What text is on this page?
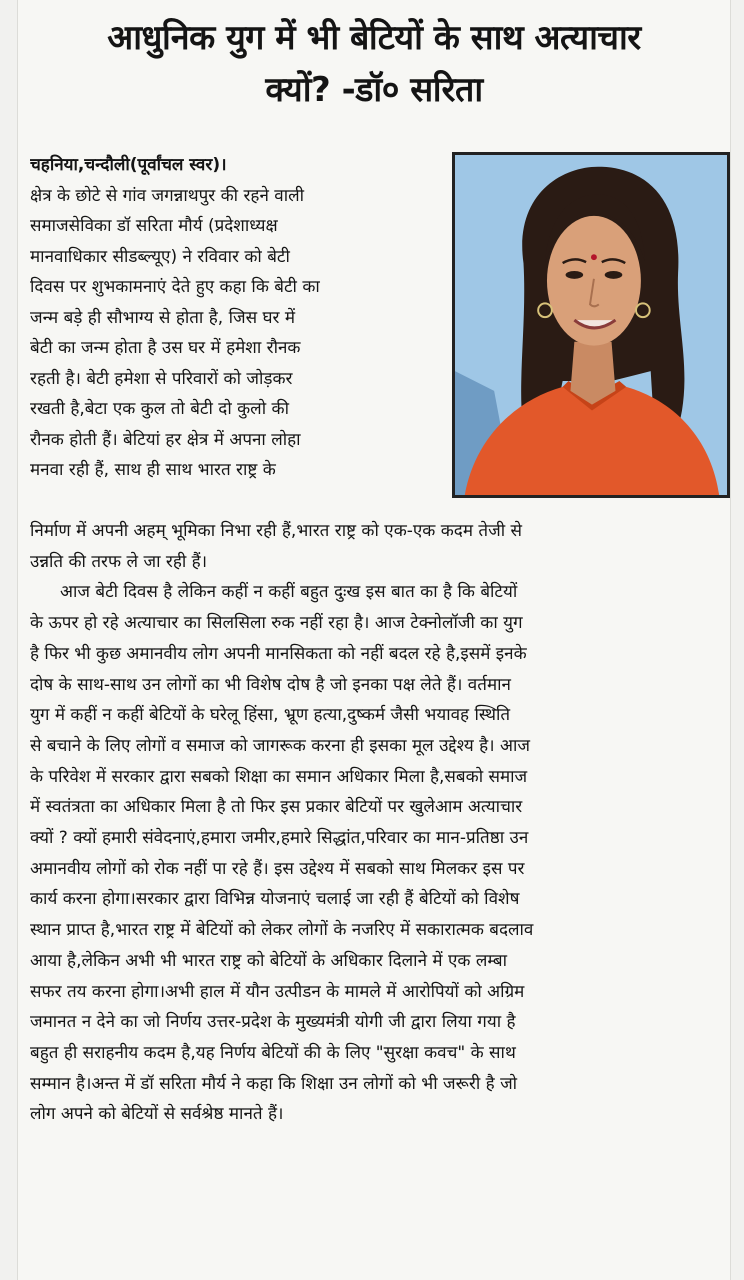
आधुनिक युग में भी बेटियों के साथ अत्याचार
क्यों? -डॉ० सरिता
चहनिया,चन्दौली(पूर्वांचल स्वर)।
क्षेत्र के छोटे से गांव जगन्नाथपुर की रहने वाली
समाजसेविका डॉ सरिता मौर्य (प्रदेशाध्यक्ष
मानवाधिकार सीडब्ल्यूए) ने रविवार को बेटी
दिवस पर शुभकामनाएं देते हुए कहा कि बेटी का
जन्म बड़े ही सौभाग्य से होता है, जिस घर में
बेटी का जन्म होता है उस घर में हमेशा रौनक
रहती है। बेटी हमेशा से परिवारों को जोड़कर
रखती है,बेटा एक कुल तो बेटी दो कुलो की
रौनक होती हैं। बेटियां हर क्षेत्र में अपना लोहा
मनवा रही हैं, साथ ही साथ भारत राष्ट्र के
निर्माण में अपनी अहम् भूमिका निभा रही हैं,भारत राष्ट्र को एक-एक कदम तेजी से
उन्नति की तरफ ले जा रही हैं।
आज बेटी दिवस है लेकिन कहीं न कहीं बहुत दुःख इस बात का है कि बेटियों
के ऊपर हो रहे अत्याचार का सिलसिला रुक नहीं रहा है। आज टेक्नोलॉजी का युग
है फिर भी कुछ अमानवीय लोग अपनी मानसिकता को नहीं बदल रहे है,इसमें इनके
दोष के साथ-साथ उन लोगों का भी विशेष दोष है जो इनका पक्ष लेते हैं। वर्तमान
युग में कहीं न कहीं बेटियों के घरेलू हिंसा, भ्रूण हत्या,दुष्कर्म जैसी भयावह स्थिति
से बचाने के लिए लोगों व समाज को जागरूक करना ही इसका मूल उद्देश्य है। आज
के परिवेश में सरकार द्वारा सबको शिक्षा का समान अधिकार मिला है,सबको समाज
में स्वतंत्रता का अधिकार मिला है तो फिर इस प्रकार बेटियों पर खुलेआम अत्याचार
क्यों ? क्यों हमारी संवेदनाएं,हमारा जमीर,हमारे सिद्धांत,परिवार का मान-प्रतिष्ठा उन
अमानवीय लोगों को रोक नहीं पा रहे हैं। इस उद्देश्य में सबको साथ मिलकर इस पर
कार्य करना होगा।सरकार द्वारा विभिन्न योजनाएं चलाई जा रही हैं बेटियों को विशेष
स्थान प्राप्त है,भारत राष्ट्र में बेटियों को लेकर लोगों के नजरिए में सकारात्मक बदलाव
आया है,लेकिन अभी भी भारत राष्ट्र को बेटियों के अधिकार दिलाने में एक लम्बा
सफर तय करना होगा।अभी हाल में यौन उत्पीडन के मामले में आरोपियों को अग्रिम
जमानत न देने का जो निर्णय उत्तर-प्रदेश के मुख्यमंत्री योगी जी द्वारा लिया गया है
बहुत ही सराहनीय कदम है,यह निर्णय बेटियों की के लिए "सुरक्षा कवच" के साथ
सम्मान है।अन्त में डॉ सरिता मौर्य ने कहा कि शिक्षा उन लोगों को भी जरूरी है जो
लोग अपने को बेटियों से सर्वश्रेष्ठ मानते हैं।
